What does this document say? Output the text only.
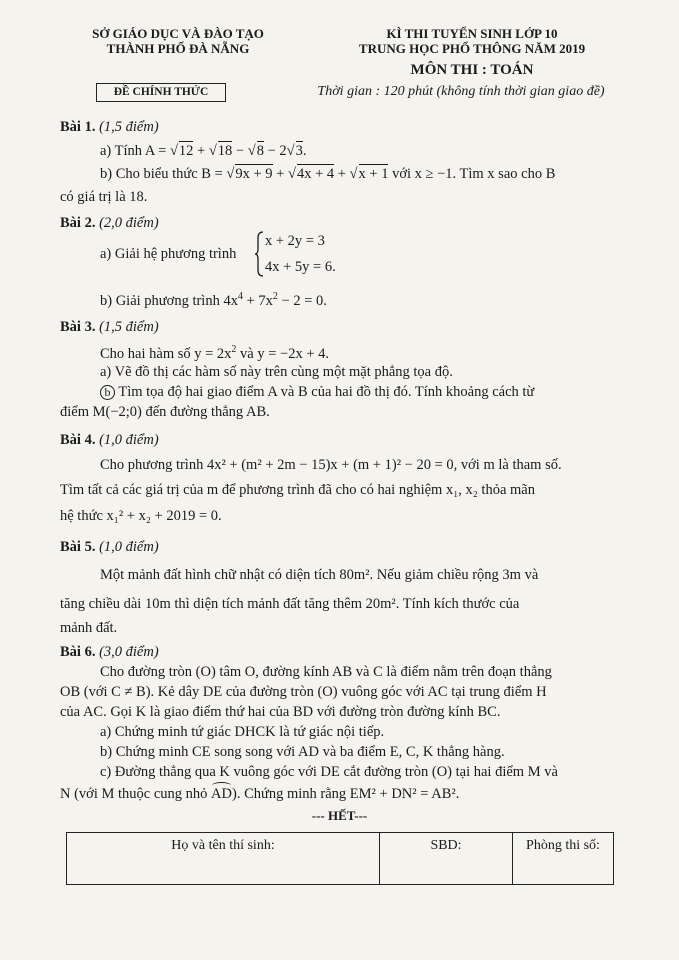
SỞ GIÁO DỤC VÀ ĐÀO TẠO
THÀNH PHỐ ĐÀ NẴNG
KÌ THI TUYỂN SINH LỚP 10
TRUNG HỌC PHỔ THÔNG NĂM 2019
ĐỀ CHÍNH THỨC
MÔN THI : TOÁN
Thời gian : 120 phút (không tính thời gian giao đề)
Bài 1. (1,5 điểm)
a) Tính A = √12 + √18 − √8 − 2√3.
b) Cho biểu thức B = √9x + 9 + √4x + 4 + √x + 1 với x ≥ −1. Tìm x sao cho B
có giá trị là 18.
Bài 2. (2,0 điểm)
a) Giải hệ phương trình
x + 2y = 3
4x + 5y = 6.
b) Giải phương trình $4x^4 + 7x^2 - 2 = 0$.
Bài 3. (1,5 điểm)
Cho hai hàm số $y = 2x^2$ và y = −2x + 4.
a) Vẽ đồ thị các hàm số này trên cùng một mặt phẳng tọa độ.
b Tìm tọa độ hai giao điểm A và B của hai đồ thị đó. Tính khoảng cách từ
điểm M(−2;0) đến đường thẳng AB.
Bài 4. (1,0 điểm)
Cho phương trình 4x² + (m² + 2m − 15)x + (m + 1)² − 20 = 0, với m là tham số.
Tìm tất cả các giá trị của m để phương trình đã cho có hai nghiệm x₁, x₂ thỏa mãn
hệ thức x₁² + x₂ + 2019 = 0.
Bài 5. (1,0 điểm)
Một mảnh đất hình chữ nhật có diện tích 80m². Nếu giảm chiều rộng 3m và
tăng chiều dài 10m thì diện tích mảnh đất tăng thêm 20m². Tính kích thước của
mảnh đất.
Bài 6. (3,0 điểm)
Cho đường tròn (O) tâm O, đường kính AB và C là điểm nằm trên đoạn thẳng
OB (với C ≠ B). Kẻ dây DE của đường tròn (O) vuông góc với AC tại trung điểm H
của AC. Gọi K là giao điểm thứ hai của BD với đường tròn đường kính BC.
a) Chứng minh tứ giác DHCK là tứ giác nội tiếp.
b) Chứng minh CE song song với AD và ba điểm E, C, K thẳng hàng.
c) Đường thẳng qua K vuông góc với DE cắt đường tròn (O) tại hai điểm M và
N (với M thuộc cung nhỏ AD). Chứng minh rằng EM² + DN² = AB².
--- HẾT---
Họ và tên thí sinh:	SBD:	Phòng thi số:
